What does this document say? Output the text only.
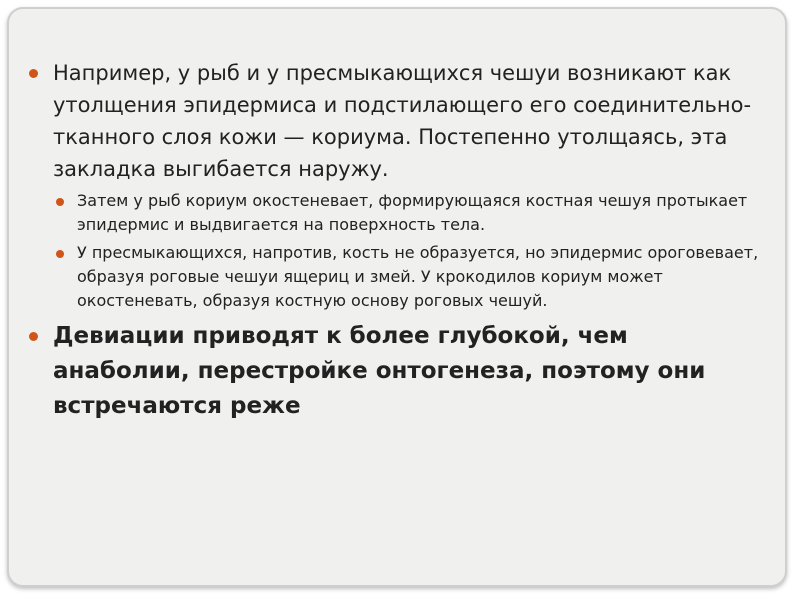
Например, у рыб и у пресмыкающихся чешуи возникают как утолщения эпидермиса и подстилающего его соединительно-тканного слоя кожи — кориума. Постепенно утолщаясь, эта закладка выгибается наружу.
Затем у рыб кориум окостеневает, формирующаяся костная чешуя протыкает эпидермис и выдвигается на поверхность тела.
У пресмыкающихся, напротив, кость не образуется, но эпидермис ороговевает, образуя роговые чешуи ящериц и змей. У крокодилов кориум может окостеневать, образуя костную основу роговых чешуй.
Девиации приводят к более глубокой, чем анаболии, перестройке онтогенеза, поэтому они встречаются реже
